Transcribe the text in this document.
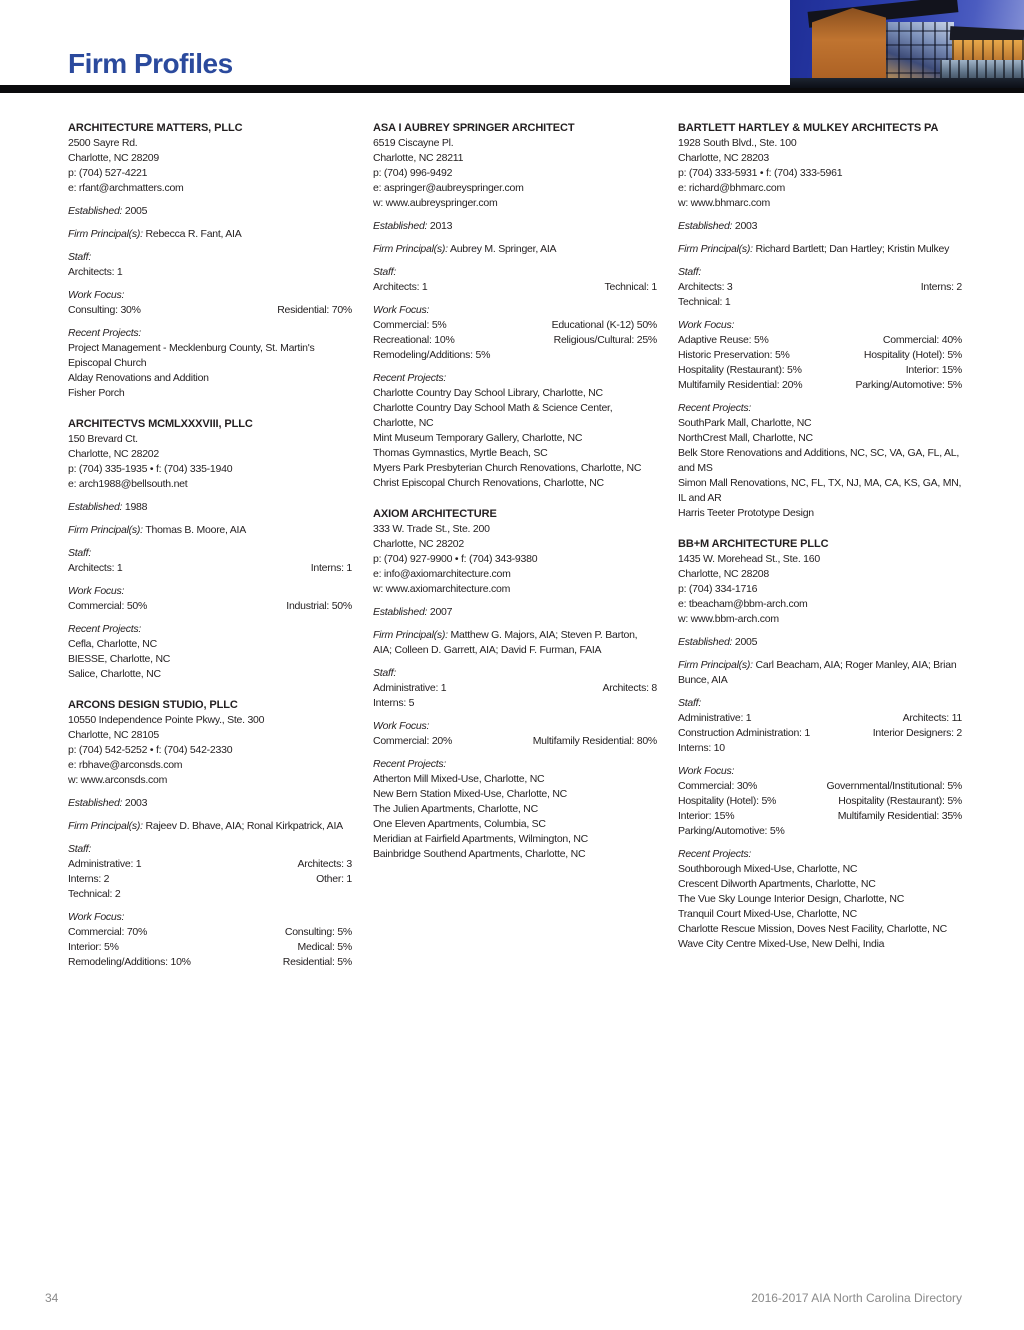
Firm Profiles
ARCHITECTURE MATTERS, PLLC

2500 Sayre Rd.

Charlotte, NC 28209

p: (704) 527-4221

e: rfant@archmatters.com

Established: 2005

Firm Principal(s): Rebecca R. Fant, AIA

Staff:

Architects: 1

Work Focus:

Consulting: 30%	Residential: 70%

Recent Projects:

Project Management - Mecklenburg County, St. Martin's Episcopal Church

Alday Renovations and Addition

Fisher Porch

ARCHITECTVS MCMLXXXVIII, PLLC

150 Brevard Ct.

Charlotte, NC 28202

p: (704) 335-1935 • f: (704) 335-1940

e: arch1988@bellsouth.net

Established: 1988

Firm Principal(s): Thomas B. Moore, AIA

Staff:

Architects: 1	Interns: 1

Work Focus:

Commercial: 50%	Industrial: 50%

Recent Projects:

Cefla, Charlotte, NC

BIESSE, Charlotte, NC

Salice, Charlotte, NC

ARCONS DESIGN STUDIO, PLLC

10550 Independence Pointe Pkwy., Ste. 300

Charlotte, NC 28105

p: (704) 542-5252 • f: (704) 542-2330

e: rbhave@arconsds.com

w: www.arconsds.com

Established: 2003

Firm Principal(s): Rajeev D. Bhave, AIA; Ronal Kirkpatrick, AIA

Staff:

Administrative: 1	Architects: 3
Interns: 2	Other: 1
Technical: 2

Work Focus:

Commercial: 70%	Consulting: 5%
Interior: 5%	Medical: 5%
Remodeling/Additions: 10%	Residential: 5%
ASA I AUBREY SPRINGER ARCHITECT

6519 Ciscayne Pl.

Charlotte, NC 28211

p: (704) 996-9492

e: aspringer@aubreyspringer.com

w: www.aubreyspringer.com

Established: 2013

Firm Principal(s): Aubrey M. Springer, AIA

Staff:

Architects: 1	Technical: 1

Work Focus:

Commercial: 5%	Educational (K-12) 50%
Recreational: 10%	Religious/Cultural: 25%
Remodeling/Additions: 5%

Recent Projects:

Charlotte Country Day School Library, Charlotte, NC

Charlotte Country Day School Math & Science Center, Charlotte, NC

Mint Museum Temporary Gallery, Charlotte, NC

Thomas Gymnastics, Myrtle Beach, SC

Myers Park Presbyterian Church Renovations, Charlotte, NC

Christ Episcopal Church Renovations, Charlotte, NC

AXIOM ARCHITECTURE

333 W. Trade St., Ste. 200

Charlotte, NC 28202

p: (704) 927-9900 • f: (704) 343-9380

e: info@axiomarchitecture.com

w: www.axiomarchitecture.com

Established: 2007

Firm Principal(s): Matthew G. Majors, AIA; Steven P. Barton, AIA; Colleen D. Garrett, AIA; David F. Furman, FAIA

Staff:

Administrative: 1	Architects: 8
Interns: 5

Work Focus:

Commercial: 20%	Multifamily Residential: 80%

Recent Projects:

Atherton Mill Mixed-Use, Charlotte, NC

New Bern Station Mixed-Use, Charlotte, NC

The Julien Apartments, Charlotte, NC

One Eleven Apartments, Columbia, SC

Meridian at Fairfield Apartments, Wilmington, NC

Bainbridge Southend Apartments, Charlotte, NC

BARTLETT HARTLEY & MULKEY ARCHITECTS PA

1928 South Blvd., Ste. 100

Charlotte, NC 28203

p: (704) 333-5931 • f: (704) 333-5961

e: richard@bhmarc.com

w: www.bhmarc.com

Established: 2003

Firm Principal(s): Richard Bartlett; Dan Hartley; Kristin Mulkey

Staff:

Architects: 3	Interns: 2
Technical: 1

Work Focus:

Adaptive Reuse: 5%	Commercial: 40%
Historic Preservation: 5%	Hospitality (Hotel): 5%
Hospitality (Restaurant): 5%	Interior: 15%
Multifamily Residential: 20%	Parking/Automotive: 5%

Recent Projects:

SouthPark Mall, Charlotte, NC

NorthCrest Mall, Charlotte, NC

Belk Store Renovations and Additions, NC, SC, VA, GA, FL, AL, and MS

Simon Mall Renovations, NC, FL, TX, NJ, MA, CA, KS, GA, MN, IL and AR

Harris Teeter Prototype Design

BB+M ARCHITECTURE PLLC

1435 W. Morehead St., Ste. 160

Charlotte, NC 28208

p: (704) 334-1716

e: tbeacham@bbm-arch.com

w: www.bbm-arch.com

Established: 2005

Firm Principal(s): Carl Beacham, AIA; Roger Manley, AIA; Brian Bunce, AIA

Staff:

Administrative: 1	Architects: 11
Construction Administration: 1	Interior Designers: 2
Interns: 10

Work Focus:

Commercial: 30%	Governmental/Institutional: 5%
Hospitality (Hotel): 5%	Hospitality (Restaurant): 5%
Interior: 15%	Multifamily Residential: 35%
Parking/Automotive: 5%

Recent Projects:

Southborough Mixed-Use, Charlotte, NC

Crescent Dilworth Apartments, Charlotte, NC

The Vue Sky Lounge Interior Design, Charlotte, NC

Tranquil Court Mixed-Use, Charlotte, NC

Charlotte Rescue Mission, Doves Nest Facility, Charlotte, NC

Wave City Centre Mixed-Use, New Delhi, India

34	2016-2017 AIA North Carolina Directory
